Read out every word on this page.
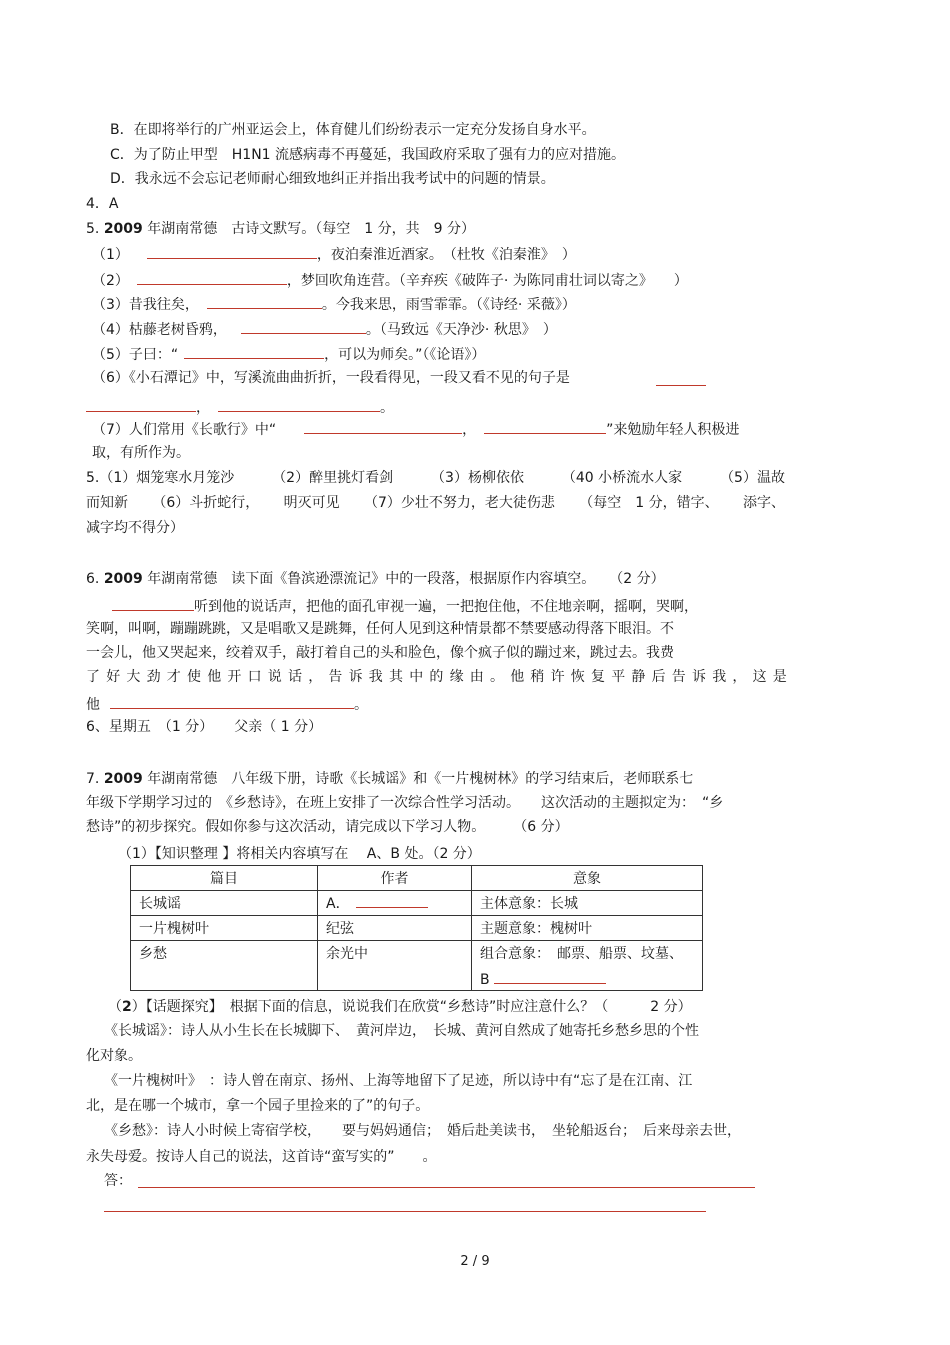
B．在即将举行的广州亚运会上，体育健儿们纷纷表示一定充分发扬自身水平。
C．为了防止甲型　H1N1 流感病毒不再蔓延，我国政府采取了强有力的应对措施。
D．我永远不会忘记老师耐心细致地纠正并指出我考试中的问题的情景。
4．A
5. 2009 年湖南常德　古诗文默写。（每空　1 分，共　9 分）
（1）	，夜泊秦淮近酒家。　（杜牧《泊秦淮》　）
（2）	，梦回吹角连营。（辛弃疾《破阵子· 为陈同甫壮词以寄之》　　）
（3）昔我往矣，	。今我来思，雨雪霏霏。（《诗经· 采薇》）
（4）枯藤老树昏鸦，	。（马致远《天净沙· 秋思》　）
（5）子曰：“	，可以为师矣。”（《论语》）
（6）《小石潭记》中，写溪流曲曲折折，一段看得见，一段又看不见的句子是
，	。
（7）人们常用《长歌行》中“	，	”来勉励年轻人积极进
取，有所作为。
5.（1）烟笼寒水月笼沙	（2）醉里挑灯看剑	（3）杨柳依依	（40 小桥流水人家	（5）温故
而知新 （6）斗折蛇行， 明灭可见 （7）少壮不努力，老大徒伤悲 （每空　1 分，错字、 添字、
减字均不得分）
6. 2009 年湖南常德　读下面《鲁滨逊漂流记》中的一段落，根据原作内容填空。　　（2 分）
听到他的说话声，把他的面孔审视一遍，一把抱住他，不住地亲啊，摇啊，哭啊，
笑啊，叫啊，蹦蹦跳跳，又是唱歌又是跳舞，任何人见到这种情景都不禁要感动得落下眼泪。不
一会儿，他又哭起来，绞着双手，敲打着自己的头和脸色，像个疯子似的蹦过来，跳过去。我费
了好大劲才使他开口说话，告诉我其中的缘由。他稍许恢复平静后告诉我，这是
他	。
6、星期五　（1 分）　　父亲（ 1 分）
7. 2009 年湖南常德　八年级下册，诗歌《长城谣》和《一片槐树林》的学习结束后，老师联系七
年级下学期学习过的　《乡愁诗》，在班上安排了一次综合性学习活动。　　这次活动的主题拟定为：　“乡
愁诗”的初步探究。假如你参与这次活动，请完成以下学习人物。　　　（6 分）
（1）【知识整理 】将相关内容填写在　 A、B 处。（2 分）
篇目	作者	意象
长城谣	A．	主体意象：长城
一片槐树叶	纪弦	主题意象：槐树叶
乡愁	余光中	组合意象：　邮票、船票、坟墓、
B
（2）【话题探究】　根据下面的信息，说说我们在欣赏“乡愁诗”时应注意什么？（　　　2 分）
《长城谣》：诗人从小生长在长城脚下、　黄河岸边，　长城、黄河自然成了她寄托乡愁乡思的个性
化对象。
《一片槐树叶》　：诗人曾在南京、扬州、上海等地留下了足迹，所以诗中有“忘了是在江南、江
北，是在哪一个城市，拿一个园子里捡来的了”的句子。
《乡愁》：诗人小时候上寄宿学校，　　要与妈妈通信；　婚后赴美读书，　坐轮船返台；　后来母亲去世，
永失母爱。按诗人自己的说法，这首诗“蛮写实的”　　。
答：
2 / 9
